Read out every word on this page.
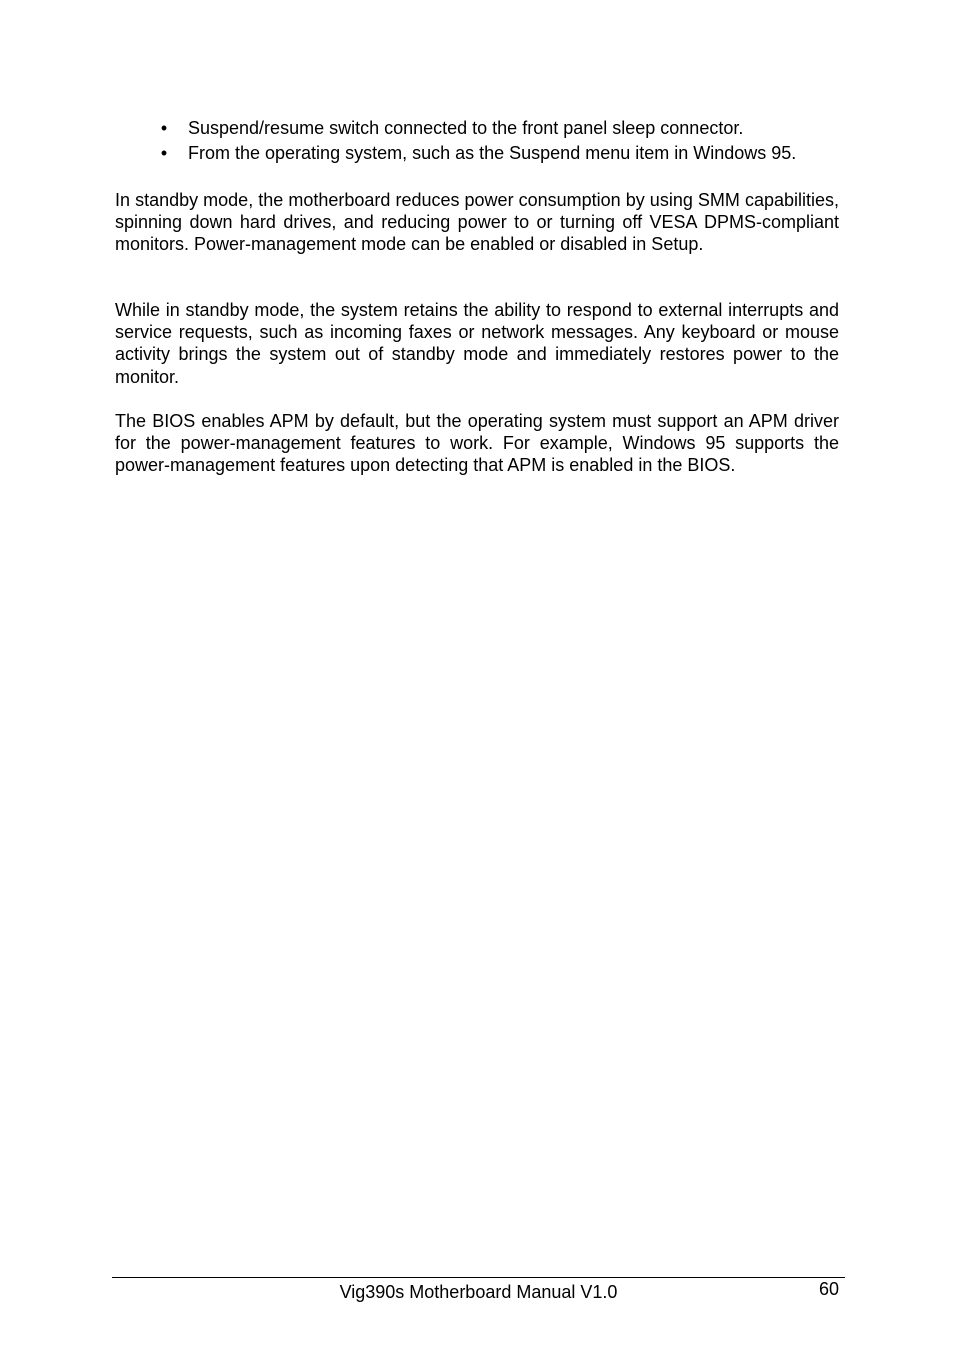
• Suspend/resume switch connected to the front panel sleep connector.
• From the operating system, such as the Suspend menu item in Windows 95.

In standby mode, the motherboard reduces power consumption by using SMM capabilities, spinning down hard drives, and reducing power to or turning off VESA DPMS-compliant monitors. Power-management mode can be enabled or disabled in Setup.

While in standby mode, the system retains the ability to respond to external interrupts and service requests, such as incoming faxes or network messages. Any keyboard or mouse activity brings the system out of standby mode and immediately restores power to the monitor.

The BIOS enables APM by default, but the operating system must support an APM driver for the power-management features to work. For example, Windows 95 supports the power-management features upon detecting that APM is enabled in the BIOS.

Vig390s Motherboard Manual V1.0	60
